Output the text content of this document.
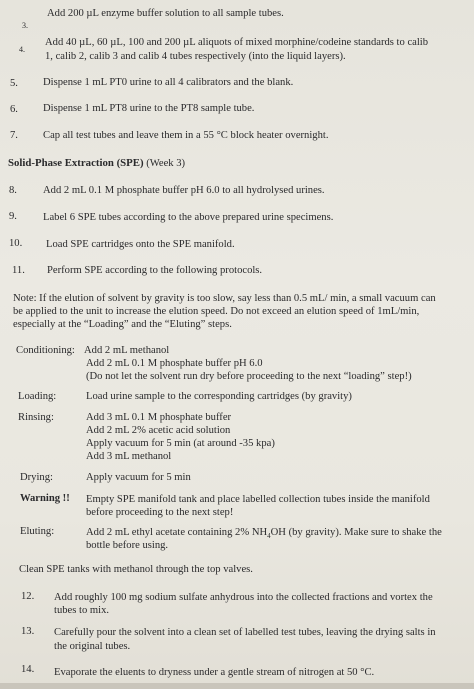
3.
Add 200 µL enzyme buffer solution to all sample tubes.
4.
Add 40 µL, 60 µL, 100 and 200 µL aliquots of mixed morphine/codeine standards to calib
1, calib 2, calib 3 and calib 4 tubes respectively (into the liquid layers).
5. Dispense 1 mL PT0 urine to all 4 calibrators and the blank.
6. Dispense 1 mL PT8 urine to the PT8 sample tube.
7. Cap all test tubes and leave them in a 55 °C block heater overnight.
Solid-Phase Extraction (SPE) (Week 3)
8. Add 2 mL 0.1 M phosphate buffer pH 6.0 to all hydrolysed urines.
9. Label 6 SPE tubes according to the above prepared urine specimens.
10. Load SPE cartridges onto the SPE manifold.
11. Perform SPE according to the following protocols.
Note: If the elution of solvent by gravity is too slow, say less than 0.5 mL/ min, a small vacuum can
be applied to the unit to increase the elution speed. Do not exceed an elution speed of 1mL/min,
especially at the “Loading” and the “Eluting” steps.
Conditioning: Add 2 mL methanol
Add 2 mL 0.1 M phosphate buffer pH 6.0
(Do not let the solvent run dry before proceeding to the next “loading” step!)
Loading:	Load urine sample to the corresponding cartridges (by gravity)
Rinsing:	Add 3 mL 0.1 M phosphate buffer
Add 2 mL 2% acetic acid solution
Apply vacuum for 5 min (at around -35 kpa)
Add 3 mL methanol
Drying:	Apply vacuum for 5 min
Warning !! Empty SPE manifold tank and place labelled collection tubes inside the manifold
before proceeding to the next step!
Eluting:	Add 2 mL ethyl acetate containing 2% $NH_4OH$ (by gravity). Make sure to shake the
bottle before using.
Clean SPE tanks with methanol through the top valves.
12. Add roughly 100 mg sodium sulfate anhydrous into the collected fractions and vortex the
tubes to mix.
13. Carefully pour the solvent into a clean set of labelled test tubes, leaving the drying salts in
the original tubes.
14. Evaporate the eluents to dryness under a gentle stream of nitrogen at 50 °C.
